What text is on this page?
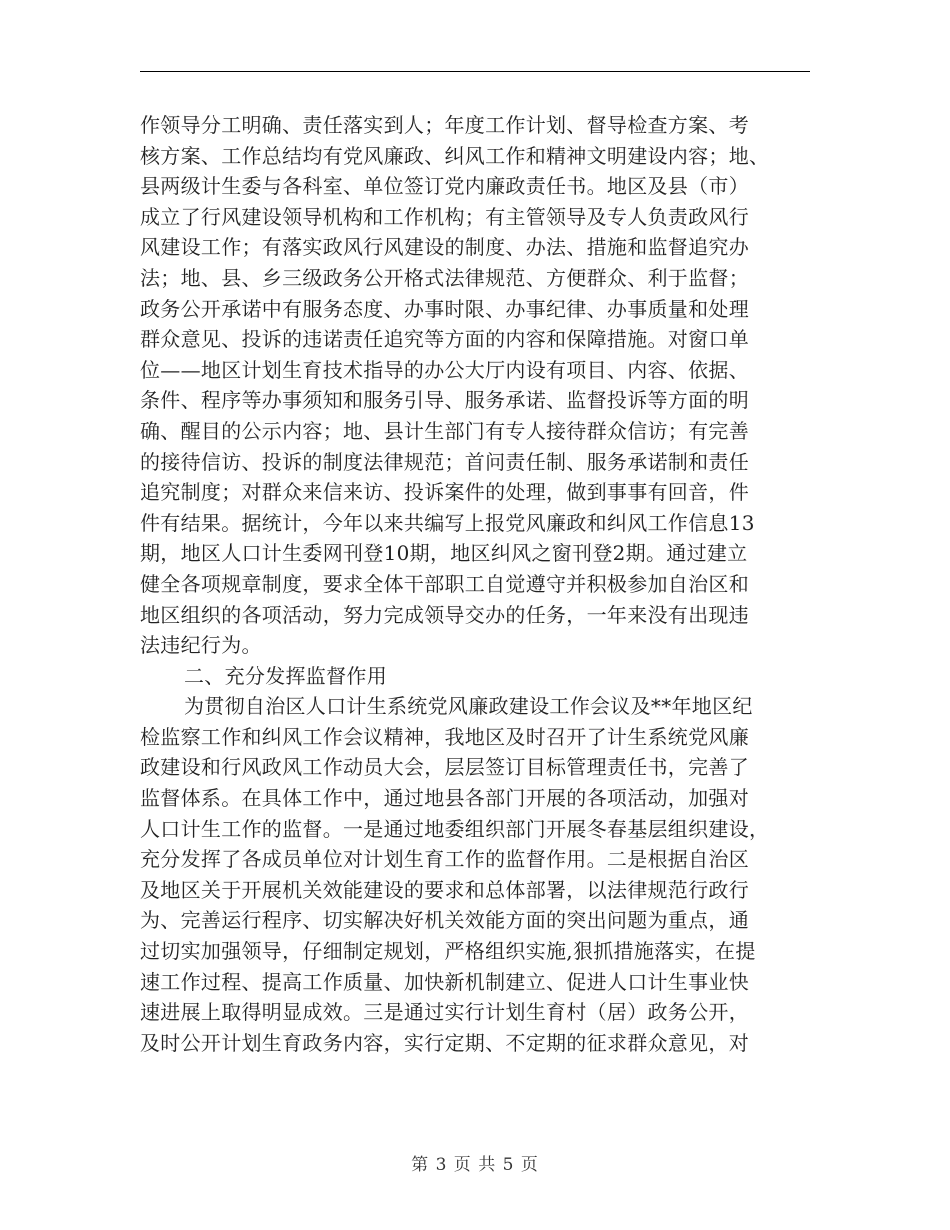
作领导分工明确、责任落实到人；年度工作计划、督导检查方案、考
核方案、工作总结均有党风廉政、纠风工作和精神文明建设内容；地、
县两级计生委与各科室、单位签订党内廉政责任书。地区及县（市）
成立了行风建设领导机构和工作机构；有主管领导及专人负责政风行
风建设工作；有落实政风行风建设的制度、办法、措施和监督追究办
法；地、县、乡三级政务公开格式法律规范、方便群众、利于监督；
政务公开承诺中有服务态度、办事时限、办事纪律、办事质量和处理
群众意见、投诉的违诺责任追究等方面的内容和保障措施。对窗口单
位——地区计划生育技术指导的办公大厅内设有项目、内容、依据、
条件、程序等办事须知和服务引导、服务承诺、监督投诉等方面的明
确、醒目的公示内容；地、县计生部门有专人接待群众信访；有完善
的接待信访、投诉的制度法律规范；首问责任制、服务承诺制和责任
追究制度；对群众来信来访、投诉案件的处理，做到事事有回音，件
件有结果。据统计，今年以来共编写上报党风廉政和纠风工作信息13
期，地区人口计生委网刊登10期，地区纠风之窗刊登2期。通过建立
健全各项规章制度，要求全体干部职工自觉遵守并积极参加自治区和
地区组织的各项活动，努力完成领导交办的任务，一年来没有出现违
法违纪行为。
二、充分发挥监督作用
为贯彻自治区人口计生系统党风廉政建设工作会议及**年地区纪
检监察工作和纠风工作会议精神，我地区及时召开了计生系统党风廉
政建设和行风政风工作动员大会，层层签订目标管理责任书，完善了
监督体系。在具体工作中，通过地县各部门开展的各项活动，加强对
人口计生工作的监督。一是通过地委组织部门开展冬春基层组织建设，
充分发挥了各成员单位对计划生育工作的监督作用。二是根据自治区
及地区关于开展机关效能建设的要求和总体部署，以法律规范行政行
为、完善运行程序、切实解决好机关效能方面的突出问题为重点，通
过切实加强领导，仔细制定规划，严格组织实施,狠抓措施落实，在提
速工作过程、提高工作质量、加快新机制建立、促进人口计生事业快
速进展上取得明显成效。三是通过实行计划生育村（居）政务公开，
及时公开计划生育政务内容，实行定期、不定期的征求群众意见，对
第 3 页 共 5 页
